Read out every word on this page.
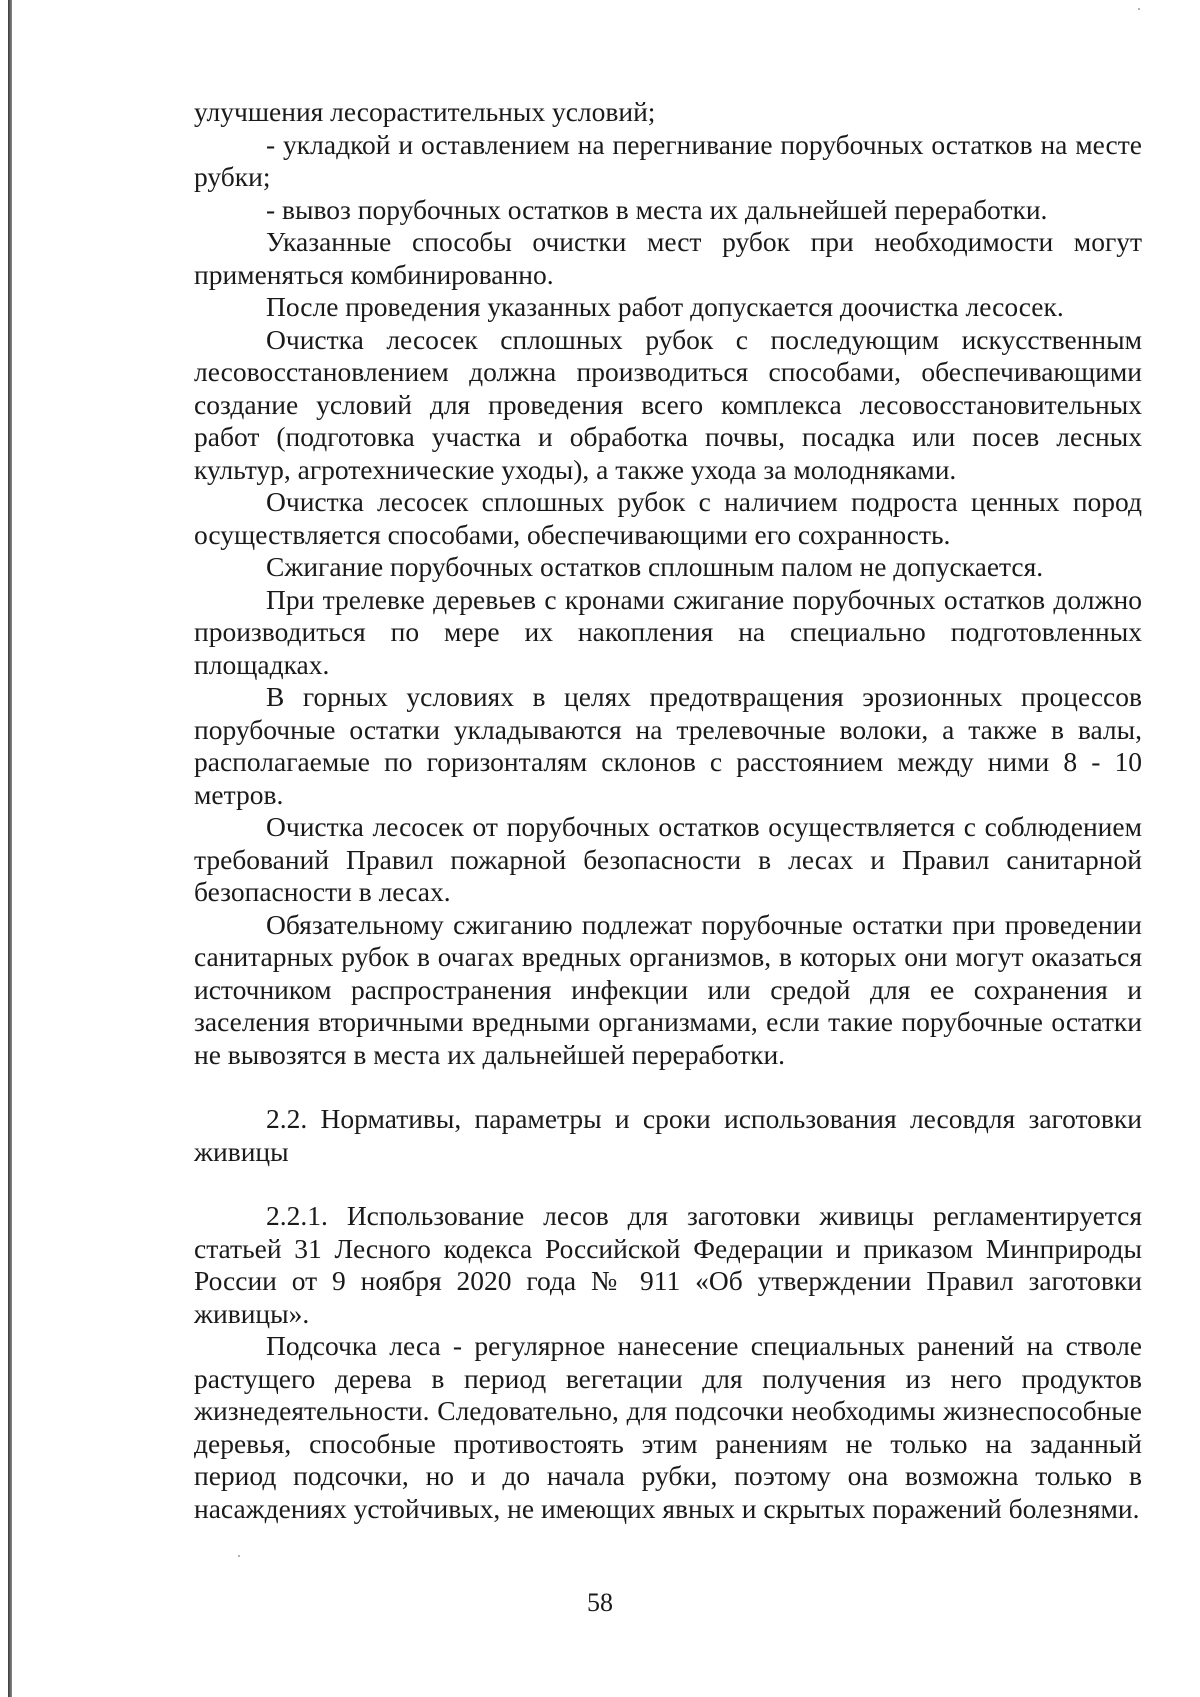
улучшения лесорастительных условий;

- укладкой и оставлением на перегнивание порубочных остатков на месте рубки;

- вывоз порубочных остатков в места их дальнейшей переработки.

Указанные способы очистки мест рубок при необходимости могут применяться комбинированно.

После проведения указанных работ допускается доочистка лесосек.

Очистка лесосек сплошных рубок с последующим искусственным лесовосстановлением должна производиться способами, обеспечивающими создание условий для проведения всего комплекса лесовосстановительных работ (подготовка участка и обработка почвы, посадка или посев лесных культур, агротехнические уходы), а также ухода за молодняками.

Очистка лесосек сплошных рубок с наличием подроста ценных пород осуществляется способами, обеспечивающими его сохранность.

Сжигание порубочных остатков сплошным палом не допускается.

При трелевке деревьев с кронами сжигание порубочных остатков должно производиться по мере их накопления на специально подготовленных площадках.

В горных условиях в целях предотвращения эрозионных процессов порубочные остатки укладываются на трелевочные волоки, а также в валы, располагаемые по горизонталям склонов с расстоянием между ними 8 - 10 метров.

Очистка лесосек от порубочных остатков осуществляется с соблюдением требований Правил пожарной безопасности в лесах и Правил санитарной безопасности в лесах.

Обязательному сжиганию подлежат порубочные остатки при проведении санитарных рубок в очагах вредных организмов, в которых они могут оказаться источником распространения инфекции или средой для ее сохранения и заселения вторичными вредными организмами, если такие порубочные остатки не вывозятся в места их дальнейшей переработки.

2.2. Нормативы, параметры и сроки использования лесовдля заготовки живицы

2.2.1. Использование лесов для заготовки живицы регламентируется статьей 31 Лесного кодекса Российской Федерации и приказом Минприроды России от 9 ноября 2020 года № 911 «Об утверждении Правил заготовки живицы».

Подсочка леса - регулярное нанесение специальных ранений на стволе растущего дерева в период вегетации для получения из него продуктов жизнедеятельности. Следовательно, для подсочки необходимы жизнеспособные деревья, способные противостоять этим ранениям не только на заданный период подсочки, но и до начала рубки, поэтому она возможна только в насаждениях устойчивых, не имеющих явных и скрытых поражений болезнями.

58
